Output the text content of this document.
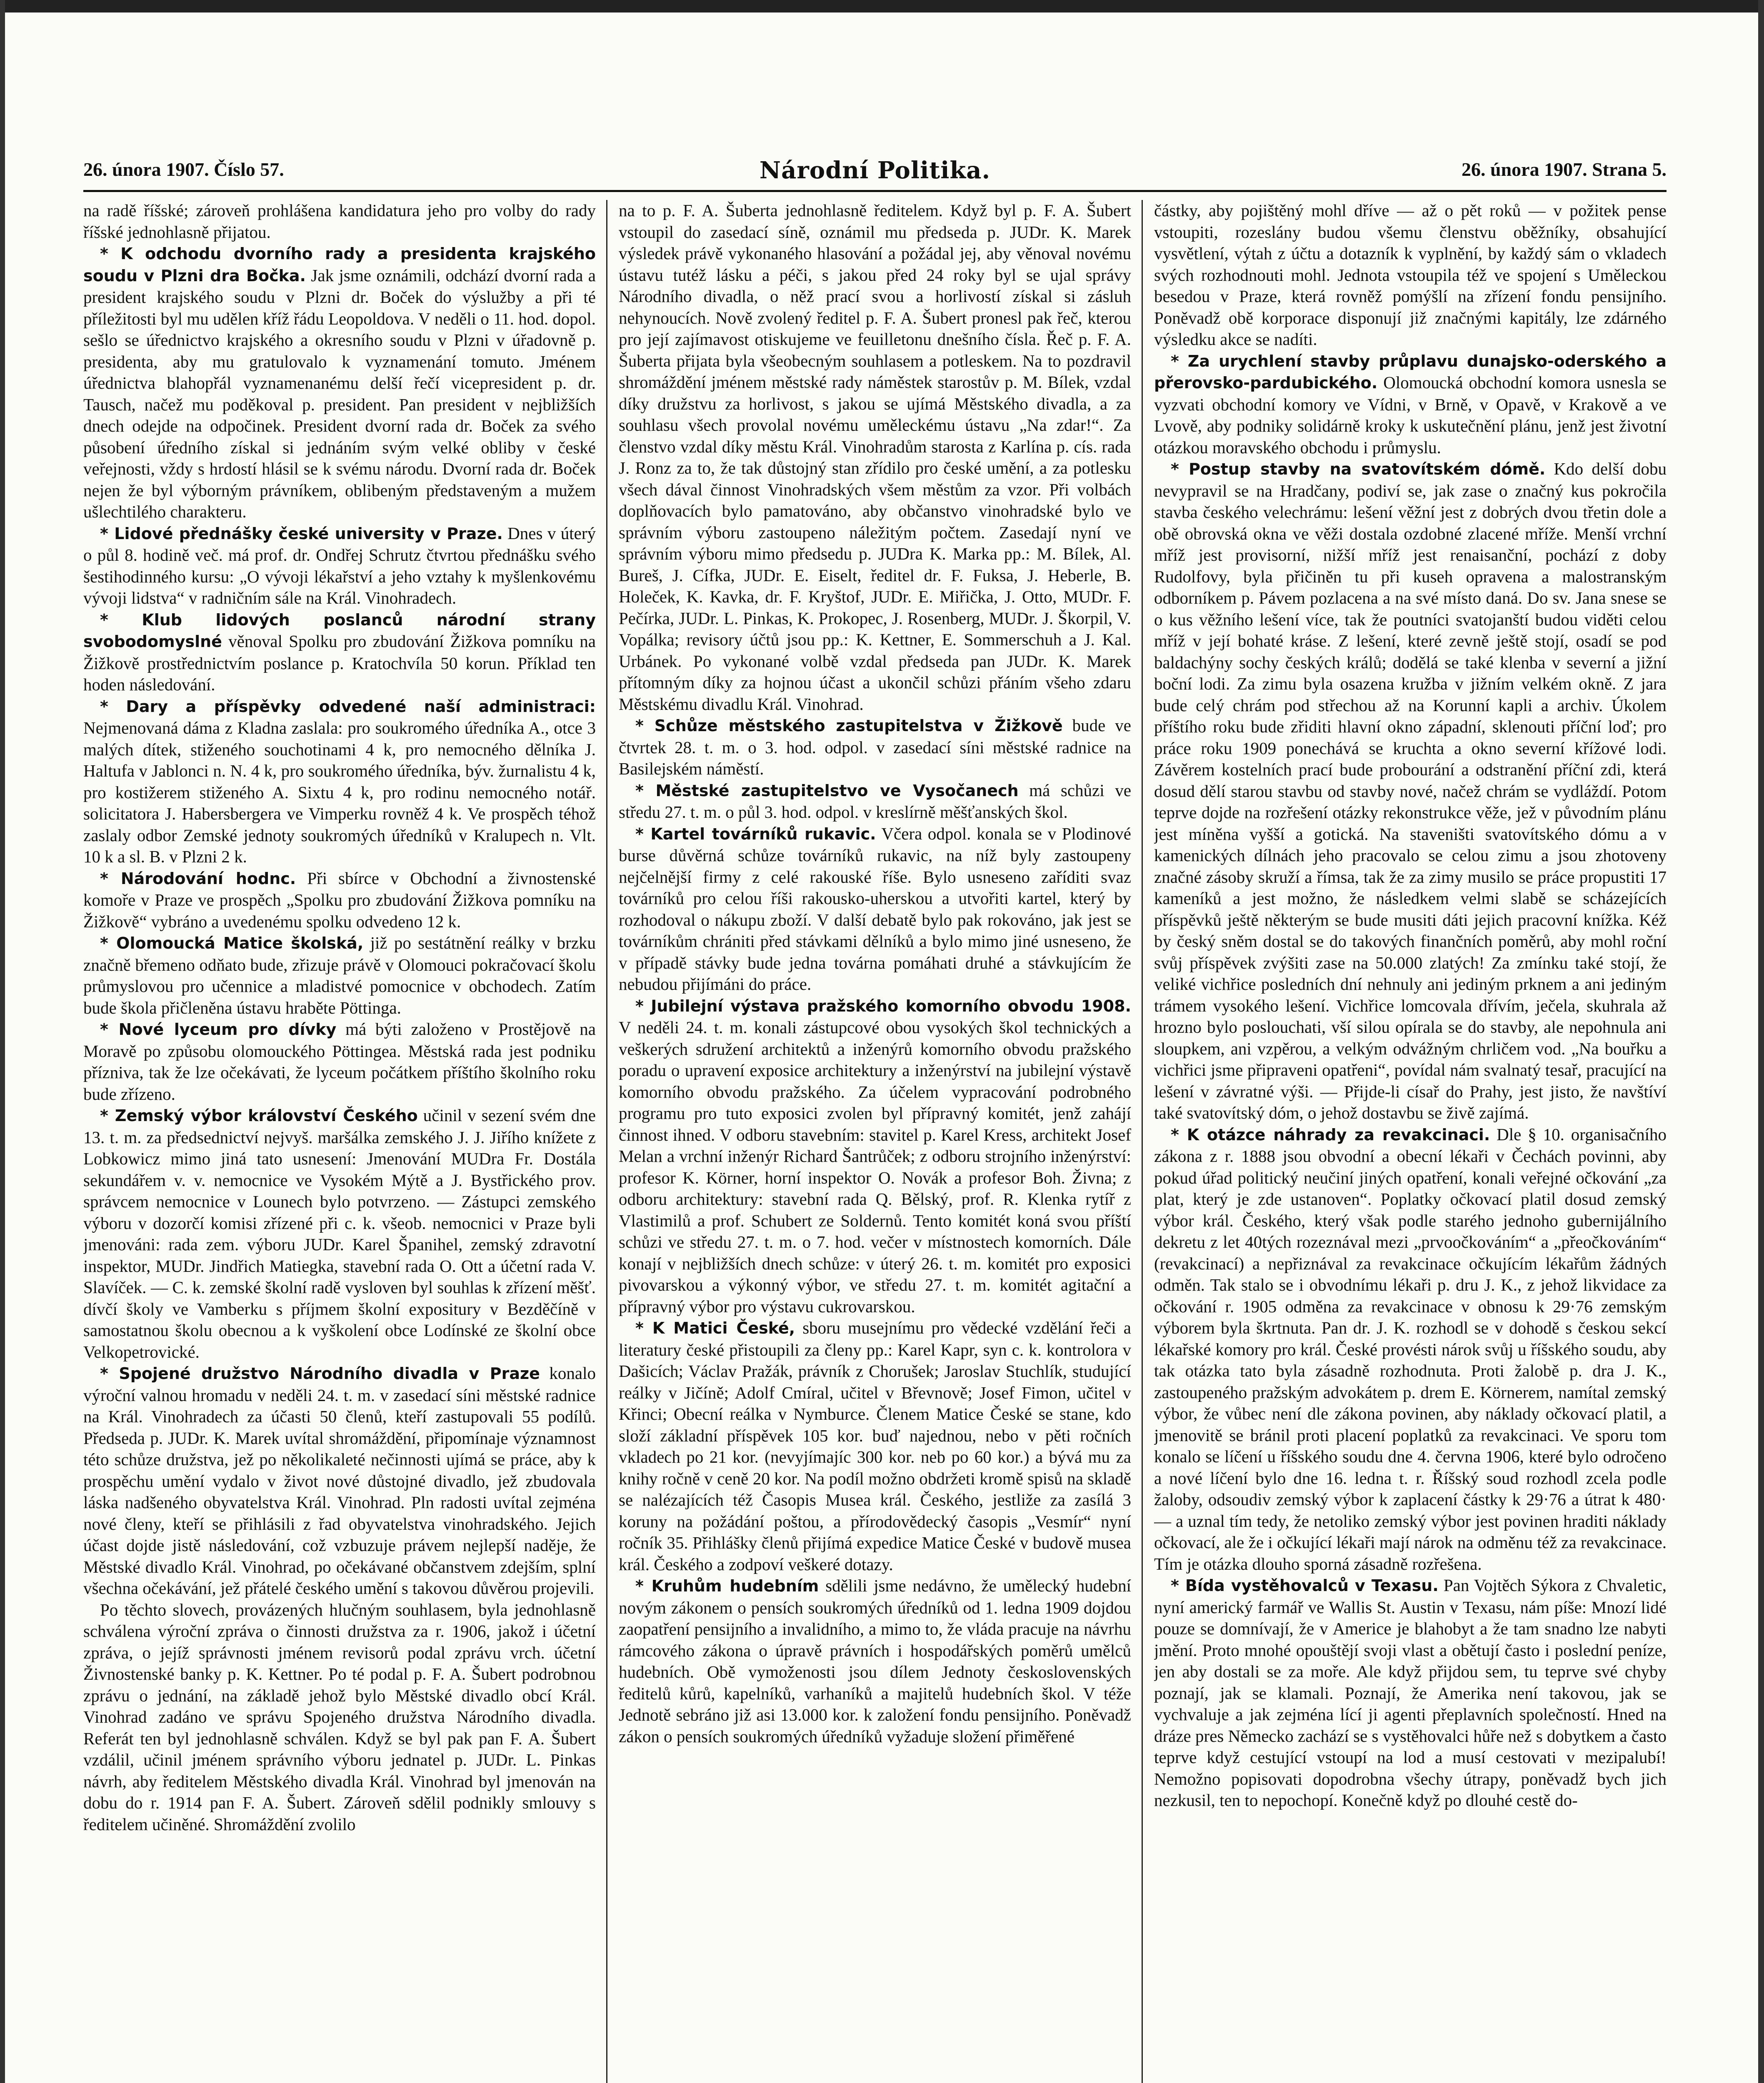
26. února 1907. Číslo 57.	Národní Politika.	26. února 1907. Strana 5.

na radě říšské; zároveň prohlášena kandidatura jeho pro volby do rady říšské jednohlasně přijatou.

* K odchodu dvorního rady a presidenta krajského soudu v Plzni dra Bočka. Jak jsme oznámili, odchází dvorní rada a president krajského soudu v Plzni dr. Boček do výslužby a při té příležitosti byl mu udělen kříž řádu Leopoldova. V neděli o 11. hod. dopol. sešlo se úřednictvo krajského a okresního soudu v Plzni v úřadovně p. presidenta, aby mu gratulovalo k vyznamenání tomuto. Jménem úřednictva blahopřál vyznamenanému delší řečí vicepresident p. dr. Tausch, načež mu poděkoval p. president. Pan president v nejbližších dnech odejde na odpočinek. President dvorní rada dr. Boček za svého působení úředního získal si jednáním svým velké obliby v české veřejnosti, vždy s hrdostí hlásil se k svému národu. Dvorní rada dr. Boček nejen že byl výborným právníkem, oblibeným představeným a mužem ušlechtilého charakteru.

* Lidové přednášky české university v Praze. Dnes v úterý o půl 8. hodině več. má prof. dr. Ondřej Schrutz čtvrtou přednášku svého šestihodinného kursu: „O vývoji lékařství a jeho vztahy k myšlenkovému vývoji lidstva“ v radničním sále na Král. Vinohradech.

* Klub lidových poslanců národní strany svobodomyslné věnoval Spolku pro zbudování Žižkova pomníku na Žižkově prostřednictvím poslance p. Kratochvíla 50 korun. Příklad ten hoden následování.

* Dary a příspěvky odvedené naší administraci: Nejmenovaná dáma z Kladna zaslala: pro soukromého úředníka A., otce 3 malých dítek, stiženého souchotinami 4 k, pro nemocného dělníka J. Haltufa v Jablonci n. N. 4 k, pro soukromého úředníka, býv. žurnalistu 4 k, pro kostižerem stiženého A. Sixtu 4 k, pro rodinu nemocného notář. solicitatora J. Habersbergera ve Vimperku rovněž 4 k. Ve prospěch téhož zaslaly odbor Zemské jednoty soukromých úředníků v Kralupech n. Vlt. 10 k a sl. B. v Plzni 2 k.

* Národování hodnc. Při sbírce v Obchodní a živnostenské komoře v Praze ve prospěch „Spolku pro zbudování Žižkova pomníku na Žižkově“ vybráno a uvedenému spolku odvedeno 12 k.

* Olomoucká Matice školská, již po sestátnění reálky v brzku značně břemeno odňato bude, zřizuje právě v Olomouci pokračovací školu průmyslovou pro učennice a mladistvé pomocnice v obchodech. Zatím bude škola přičleněna ústavu hraběte Pöttinga.

* Nové lyceum pro dívky má býti založeno v Prostějově na Moravě po způsobu olomouckého Pöttingea. Městská rada jest podniku přízniva, tak že lze očekávati, že lyceum počátkem příštího školního roku bude zřízeno.

* Zemský výbor království Českého učinil v sezení svém dne 13. t. m. za předsednictví nejvyš. maršálka zemského J. J. Jiřího knížete z Lobkowicz mimo jiná tato usnesení: Jmenování MUDra Fr. Dostála sekundářem v. v. nemocnice ve Vysokém Mýtě a J. Bystřického prov. správcem nemocnice v Lounech bylo potvrzeno. — Zástupci zemského výboru v dozorčí komisi zřízené při c. k. všeob. nemocnici v Praze byli jmenováni: rada zem. výboru JUDr. Karel Španihel, zemský zdravotní inspektor, MUDr. Jindřich Matiegka, stavební rada O. Ott a účetní rada V. Slavíček. — C. k. zemské školní radě vysloven byl souhlas k zřízení měšť. dívčí školy ve Vamberku s příjmem školní expositury v Bezděčíně v samostatnou školu obecnou a k vyškolení obce Lodínské ze školní obce Velkopetrovické.

* Spojené družstvo Národního divadla v Praze konalo výroční valnou hromadu v neděli 24. t. m. v zasedací síni městské radnice na Král. Vinohradech za účasti 50 členů, kteří zastupovali 55 podílů. Předseda p. JUDr. K. Marek uvítal shromáždění, připomínaje významnost této schůze družstva, jež po několikaleté nečinnosti ujímá se práce, aby k prospěchu umění vydalo v život nové důstojné divadlo, jež zbudovala láska nadšeného obyvatelstva Král. Vinohrad. Pln radosti uvítal zejména nové členy, kteří se přihlásili z řad obyvatelstva vinohradského. Jejich účast dojde jistě následování, což vzbuzuje právem nejlepší naděje, že Městské divadlo Král. Vinohrad, po očekávané občanstvem zdejším, splní všechna očekávání, jež přátelé českého umění s takovou důvěrou projevili.

Po těchto slovech, provázených hlučným souhlasem, byla jednohlasně schválena výroční zpráva o činnosti družstva za r. 1906, jakož i účetní zpráva, o jejíž správnosti jménem revisorů podal zprávu vrch. účetní Živnostenské banky p. K. Kettner. Po té podal p. F. A. Šubert podrobnou zprávu o jednání, na základě jehož bylo Městské divadlo obcí Král. Vinohrad zadáno ve správu Spojeného družstva Národního divadla. Referát ten byl jednohlasně schválen. Když se byl pak pan F. A. Šubert vzdálil, učinil jménem správního výboru jednatel p. JUDr. L. Pinkas návrh, aby ředitelem Městského divadla Král. Vinohrad byl jmenován na dobu do r. 1914 pan F. A. Šubert. Zároveň sdělil podnikly smlouvy s ředitelem učiněné. Shromáždění zvolilo

na to p. F. A. Šuberta jednohlasně ředitelem. Když byl p. F. A. Šubert vstoupil do zasedací síně, oznámil mu předseda p. JUDr. K. Marek výsledek právě vykonaného hlasování a požádal jej, aby věnoval novému ústavu tutéž lásku a péči, s jakou před 24 roky byl se ujal správy Národního divadla, o něž prací svou a horlivostí získal si zásluh nehynoucích. Nově zvolený ředitel p. F. A. Šubert pronesl pak řeč, kterou pro její zajímavost otiskujeme ve feuilletonu dnešního čísla. Řeč p. F. A. Šuberta přijata byla všeobecným souhlasem a potleskem. Na to pozdravil shromáždění jménem městské rady náměstek starostův p. M. Bílek, vzdal díky družstvu za horlivost, s jakou se ujímá Městského divadla, a za souhlasu všech provolal novému uměleckému ústavu „Na zdar!“. Za členstvo vzdal díky městu Král. Vinohradům starosta z Karlína p. cís. rada J. Ronz za to, že tak důstojný stan zřídilo pro české umění, a za potlesku všech dával činnost Vinohradských všem městům za vzor. Při volbách doplňovacích bylo pamatováno, aby občanstvo vinohradské bylo ve správním výboru zastoupeno náležitým počtem. Zasedají nyní ve správním výboru mimo předsedu p. JUDra K. Marka pp.: M. Bílek, Al. Bureš, J. Cífka, JUDr. E. Eiselt, ředitel dr. F. Fuksa, J. Heberle, B. Holeček, K. Kavka, dr. F. Kryštof, JUDr. E. Miřička, J. Otto, MUDr. F. Pečírka, JUDr. L. Pinkas, K. Prokopec, J. Rosenberg, MUDr. J. Škorpil, V. Vopálka; revisory účtů jsou pp.: K. Kettner, E. Sommerschuh a J. Kal. Urbánek. Po vykonané volbě vzdal předseda pan JUDr. K. Marek přítomným díky za hojnou účast a ukončil schůzi přáním všeho zdaru Městskému divadlu Král. Vinohrad.

* Schůze městského zastupitelstva v Žižkově bude ve čtvrtek 28. t. m. o 3. hod. odpol. v zasedací síni městské radnice na Basilejském náměstí.

* Městské zastupitelstvo ve Vysočanech má schůzi ve středu 27. t. m. o půl 3. hod. odpol. v kreslírně měšťanských škol.

* Kartel továrníků rukavic. Včera odpol. konala se v Plodinové burse důvěrná schůze továrníků rukavic, na níž byly zastoupeny nejčelnější firmy z celé rakouské říše. Bylo usneseno zaříditi svaz továrníků pro celou říši rakousko-uherskou a utvořiti kartel, který by rozhodoval o nákupu zboží. V další debatě bylo pak rokováno, jak jest se továrníkům chrániti před stávkami dělníků a bylo mimo jiné usneseno, že v případě stávky bude jedna továrna pomáhati druhé a stávkujícím že nebudou přijímáni do práce.

* Jubilejní výstava pražského komorního obvodu 1908. V neděli 24. t. m. konali zástupcové obou vysokých škol technických a veškerých sdružení architektů a inženýrů komorního obvodu pražského poradu o upravení exposice architektury a inženýrství na jubilejní výstavě komorního obvodu pražského. Za účelem vypracování podrobného programu pro tuto exposici zvolen byl přípravný komitét, jenž zahájí činnost ihned. V odboru stavebním: stavitel p. Karel Kress, architekt Josef Melan a vrchní inženýr Richard Šantrůček; z odboru strojního inženýrství: profesor K. Körner, horní inspektor O. Novák a profesor Boh. Živna; z odboru architektury: stavební rada Q. Bělský, prof. R. Klenka rytíř z Vlastimilů a prof. Schubert ze Soldernů. Tento komitét koná svou příští schůzi ve středu 27. t. m. o 7. hod. večer v místnostech komorních. Dále konají v nejbližších dnech schůze: v úterý 26. t. m. komitét pro exposici pivovarskou a výkonný výbor, ve středu 27. t. m. komitét agitační a přípravný výbor pro výstavu cukrovarskou.

* K Matici České, sboru musejnímu pro vědecké vzdělání řeči a literatury české přistoupili za členy pp.: Karel Kapr, syn c. k. kontrolora v Dašicích; Václav Pražák, právník z Chorušek; Jaroslav Stuchlík, studující reálky v Jičíně; Adolf Cmíral, učitel v Břevnově; Josef Fimon, učitel v Křinci; Obecní reálka v Nymburce. Členem Matice České se stane, kdo složí základní příspěvek 105 kor. buď najednou, nebo v pěti ročních vkladech po 21 kor. (nevyjímajíc 300 kor. neb po 60 kor.) a bývá mu za knihy ročně v ceně 20 kor. Na podíl možno obdržeti kromě spisů na skladě se nalézajících též Časopis Musea král. Českého, jestliže za zasílá 3 koruny na požádání poštou, a přírodovědecký časopis „Vesmír“ nyní ročník 35. Přihlášky členů přijímá expedice Matice České v budově musea král. Českého a zodpoví veškeré dotazy.

* Kruhům hudebním sdělili jsme nedávno, že umělecký hudební novým zákonem o pensích soukromých úředníků od 1. ledna 1909 dojdou zaopatření pensijního a invalidního, a mimo to, že vláda pracuje na návrhu rámcového zákona o úpravě právních i hospodářských poměrů umělců hudebních. Obě vymoženosti jsou dílem Jednoty československých ředitelů kůrů, kapelníků, varhaníků a majitelů hudebních škol. V téže Jednotě sebráno již asi 13.000 kor. k založení fondu pensijního. Poněvadž zákon o pensích soukromých úředníků vyžaduje složení přiměřené

částky, aby pojištěný mohl dříve — až o pět roků — v požitek pense vstoupiti, rozeslány budou všemu členstvu oběžníky, obsahující vysvětlení, výtah z účtu a dotazník k vyplnění, by každý sám o vkladech svých rozhodnouti mohl. Jednota vstoupila též ve spojení s Uměleckou besedou v Praze, která rovněž pomýšlí na zřízení fondu pensijního. Poněvadž obě korporace disponují již značnými kapitály, lze zdárného výsledku akce se nadíti.

* Za urychlení stavby průplavu dunajsko-oderského a přerovsko-pardubického. Olomoucká obchodní komora usnesla se vyzvati obchodní komory ve Vídni, v Brně, v Opavě, v Krakově a ve Lvově, aby podniky solidárně kroky k uskutečnění plánu, jenž jest životní otázkou moravského obchodu i průmyslu.

* Postup stavby na svatovítském dómě. Kdo delší dobu nevypravil se na Hradčany, podiví se, jak zase o značný kus pokročila stavba českého velechrámu: lešení věžní jest z dobrých dvou třetin dole a obě obrovská okna ve věži dostala ozdobné zlacené mříže. Menší vrchní mříž jest provisorní, nižší mříž jest renaisanční, pochází z doby Rudolfovy, byla přičiněn tu při kuseh opravena a malostranským odborníkem p. Pávem pozlacena a na své místo daná. Do sv. Jana snese se o kus věžního lešení více, tak že poutníci svatojanští budou viděti celou mříž v její bohaté kráse. Z lešení, které zevně ještě stojí, osadí se pod baldachýny sochy českých králů; dodělá se také klenba v severní a jižní boční lodi. Za zimu byla osazena kružba v jižním velkém okně. Z jara bude celý chrám pod střechou až na Korunní kapli a archiv. Úkolem příštího roku bude zřiditi hlavní okno západní, sklenouti příční loď; pro práce roku 1909 ponechává se kruchta a okno severní křížové lodi. Závěrem kostelních prací bude probourání a odstranění příční zdi, která dosud dělí starou stavbu od stavby nové, načež chrám se vydláždí. Potom teprve dojde na rozřešení otázky rekonstrukce věže, jež v původním plánu jest míněna vyšší a gotická. Na staveništi svatovítského dómu a v kamenických dílnách jeho pracovalo se celou zimu a jsou zhotoveny značné zásoby skruží a římsa, tak že za zimy musilo se práce propustiti 17 kameníků a jest možno, že následkem velmi slabě se scházejících příspěvků ještě některým se bude musiti dáti jejich pracovní knížka. Kéž by český sněm dostal se do takových finančních poměrů, aby mohl roční svůj příspěvek zvýšiti zase na 50.000 zlatých! Za zmínku také stojí, že veliké vichřice posledních dní nehnuly ani jediným prknem a ani jediným trámem vysokého lešení. Vichřice lomcovala dřívím, ječela, skuhrala až hrozno bylo poslouchati, vší silou opírala se do stavby, ale nepohnula ani sloupkem, ani vzpěrou, a velkým odvážným chrličem vod. „Na bouřku a vichřici jsme připraveni opatřeni“, povídal nám svalnatý tesař, pracující na lešení v závratné výši. — Přijde-li císař do Prahy, jest jisto, že navštíví také svatovítský dóm, o jehož dostavbu se živě zajímá.

* K otázce náhrady za revakcinaci. Dle § 10. organisačního zákona z r. 1888 jsou obvodní a obecní lékaři v Čechách povinni, aby pokud úřad politický neučiní jiných opatření, konali veřejné očkování „za plat, který je zde ustanoven“. Poplatky očkovací platil dosud zemský výbor král. Českého, který však podle starého jednoho gubernijálního dekretu z let 40tých rozeznával mezi „prvoočkováním“ a „přeočkováním“ (revakcinací) a nepřiznával za revakcinace očkujícím lékařům žádných odměn. Tak stalo se i obvodnímu lékaři p. dru J. K., z jehož likvidace za očkování r. 1905 odměna za revakcinace v obnosu k 29·76 zemským výborem byla škrtnuta. Pan dr. J. K. rozhodl se v dohodě s českou sekcí lékařské komory pro král. České provésti nárok svůj u říšského soudu, aby tak otázka tato byla zásadně rozhodnuta. Proti žalobě p. dra J. K., zastoupeného pražským advokátem p. drem E. Körnerem, namítal zemský výbor, že vůbec není dle zákona povinen, aby náklady očkovací platil, a jmenovitě se bránil proti placení poplatků za revakcinaci. Ve sporu tom konalo se líčení u říšského soudu dne 4. června 1906, které bylo odročeno a nové líčení bylo dne 16. ledna t. r. Říšský soud rozhodl zcela podle žaloby, odsoudiv zemský výbor k zaplacení částky k 29·76 a útrat k 480·— a uznal tím tedy, že netoliko zemský výbor jest povinen hraditi náklady očkovací, ale že i očkující lékaři mají nárok na odměnu též za revakcinace. Tím je otázka dlouho sporná zásadně rozřešena.

* Bída vystěhovalců v Texasu. Pan Vojtěch Sýkora z Chvaletic, nyní americký farmář ve Wallis St. Austin v Texasu, nám píše: Mnozí lidé pouze se domnívají, že v Americe je blahobyt a že tam snadno lze nabyti jmění. Proto mnohé opouštějí svoji vlast a obětují často i poslední peníze, jen aby dostali se za moře. Ale když přijdou sem, tu teprve své chyby poznají, jak se klamali. Poznají, že Amerika není takovou, jak se vychvaluje a jak zejména lící ji agenti přeplavních společností. Hned na dráze pres Německo zachází se s vystěhovalci hůře než s dobytkem a často teprve když cestující vstoupí na lod a musí cestovati v mezipalubí! Nemožno popisovati dopodrobna všechy útrapy, poněvadž bych jich nezkusil, ten to nepochopí. Konečně když po dlouhé cestě do-
